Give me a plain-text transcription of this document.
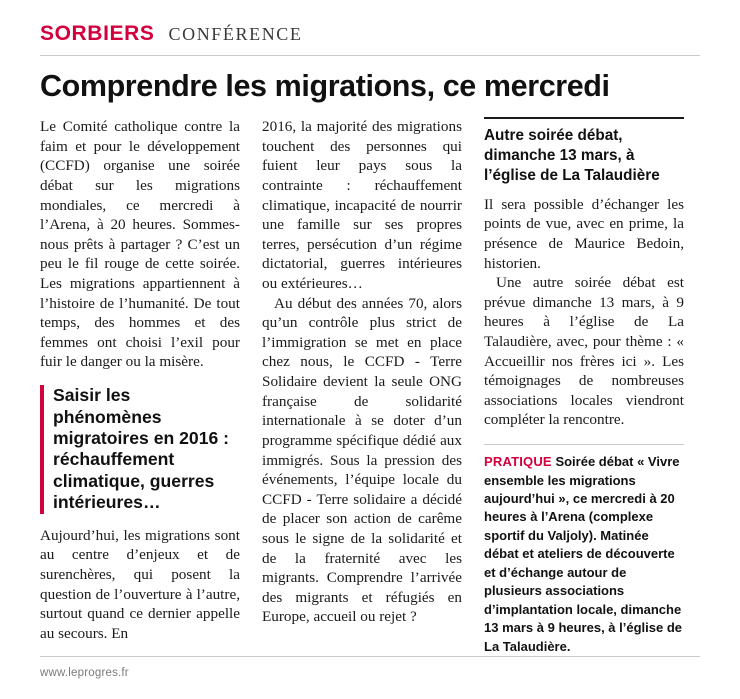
SORBIERS CONFÉRENCE
Comprendre les migrations, ce mercredi

Le Comité catholique contre la faim et pour le développement (CCFD) organise une soirée débat sur les migrations mondiales, ce mercredi à l’Arena, à 20 heures. Sommes-nous prêts à partager ? C’est un peu le fil rouge de cette soirée. Les migrations appartiennent à l’histoire de l’humanité. De tout temps, des hommes et des femmes ont choisi l’exil pour fuir le danger ou la misère.

Saisir les phénomènes migratoires en 2016 : réchauffement climatique, guerres intérieures…

Aujourd’hui, les migrations sont au centre d’enjeux et de surenchères, qui posent la question de l’ouverture à l’autre, surtout quand ce dernier appelle au secours. En

2016, la majorité des migrations touchent des personnes qui fuient leur pays sous la contrainte : réchauffement climatique, incapacité de nourrir une famille sur ses propres terres, persécution d’un régime dictatorial, guerres intérieures ou extérieures…

Au début des années 70, alors qu’un contrôle plus strict de l’immigration se met en place chez nous, le CCFD - Terre Solidaire devient la seule ONG française de solidarité internationale à se doter d’un programme spécifique dédié aux immigrés. Sous la pression des événements, l’équipe locale du CCFD - Terre solidaire a décidé de placer son action de carême sous le signe de la solidarité et de la fraternité avec les migrants. Comprendre l’arrivée des migrants et réfugiés en Europe, accueil ou rejet ?

Autre soirée débat, dimanche 13 mars, à l’église de La Talaudière

Il sera possible d’échanger les points de vue, avec en prime, la présence de Maurice Bedoin, historien.

Une autre soirée débat est prévue dimanche 13 mars, à 9 heures à l’église de La Talaudière, avec, pour thème : « Accueillir nos frères ici ». Les témoignages de nombreuses associations locales viendront compléter la rencontre.

PRATIQUE Soirée débat « Vivre ensemble les migrations aujourd’hui », ce mercredi à 20 heures à l’Arena (complexe sportif du Valjoly). Matinée débat et ateliers de découverte et d’échange autour de plusieurs associations d’implantation locale, dimanche 13 mars à 9 heures, à l’église de La Talaudière.
www.leprogres.fr
